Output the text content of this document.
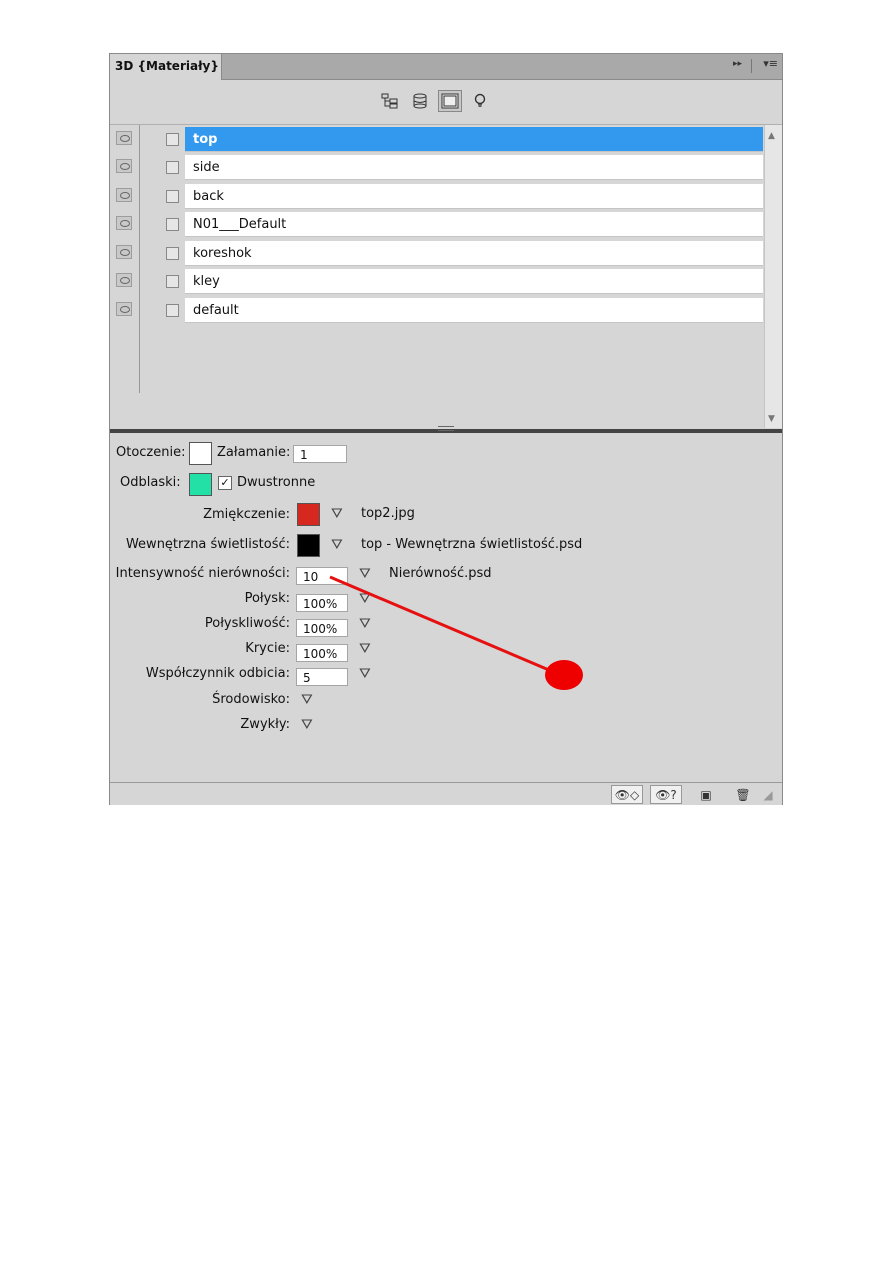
3D {Materiały}	▸▸ ▾≡
top
side
back
N01___Default
koreshok
kley
default
▲
▼
Otoczenie: Załamanie: 1
Odblaski:	✓ Dwustronne
Zmiękczenie:	⛛	top2.jpg
Wewnętrzna świetlistość:	⛛	top - Wewnętrzna świetlistość.psd
Intensywność nierówności:	10	⛛	Nierówność.psd
Połysk:	100%	⛛
Połyskliwość:	100%	⛛
Krycie:	100%	⛛
Współczynnik odbicia:	5	⛛
Środowisko: ⛛
Zwykły: ⛛
👁◇	👁?	▣	🗑	◢
